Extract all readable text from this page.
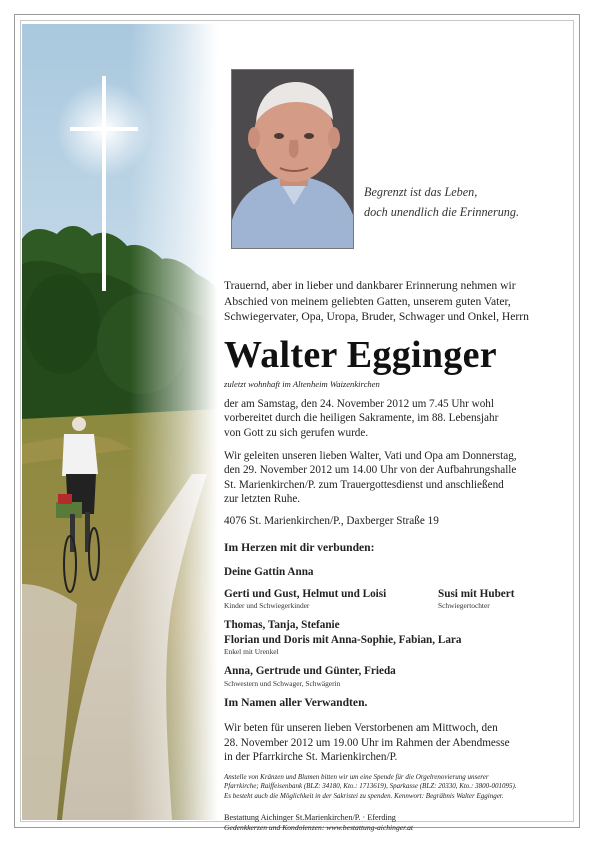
Begrenzt ist das Leben,
doch unendlich die Erinnerung.
Trauernd, aber in lieber und dankbarer Erinnerung nehmen wir
Abschied von meinem geliebten Gatten, unserem guten Vater,
Schwiegervater, Opa, Uropa, Bruder, Schwager und Onkel, Herrn
Walter Egginger
zuletzt wohnhaft im Altenheim Waizenkirchen
der am Samstag, den 24. November 2012 um 7.45 Uhr wohl
vorbereitet durch die heiligen Sakramente, im 88. Lebensjahr
von Gott zu sich gerufen wurde.
Wir geleiten unseren lieben Walter, Vati und Opa am Donnerstag,
den 29. November 2012 um 14.00 Uhr von der Aufbahrungshalle
St. Marienkirchen/P. zum Trauergottesdienst und anschließend
zur letzten Ruhe.
4076 St. Marienkirchen/P., Daxberger Straße 19
Im Herzen mit dir verbunden:
Deine Gattin Anna
Gerti und Gust, Helmut und Loisi
Kinder und Schwiegerkinder
Susi mit Hubert
Schwiegertochter
Thomas, Tanja, Stefanie
Florian und Doris mit Anna-Sophie, Fabian, Lara
Enkel mit Urenkel
Anna, Gertrude und Günter, Frieda
Schwestern und Schwager, Schwägerin
Im Namen aller Verwandten.
Wir beten für unseren lieben Verstorbenen am Mittwoch, den
28. November 2012 um 19.00 Uhr im Rahmen der Abendmesse
in der Pfarrkirche St. Marienkirchen/P.
Anstelle von Kränzen und Blumen bitten wir um eine Spende für die Orgelrenovierung unserer
Pfarrkirche; Raiffeisenbank (BLZ: 34180, Kto.: 1713619), Sparkasse (BLZ: 20330, Kto.: 3800-001095).
Es besteht auch die Möglichkeit in der Sakristei zu spenden. Kennwort: Begräbnis Walter Egginger.
Bestattung Aichinger St.Marienkirchen/P. · Eferding
Gedenkkerzen und Kondolenzen: www.bestattung-aichinger.at
